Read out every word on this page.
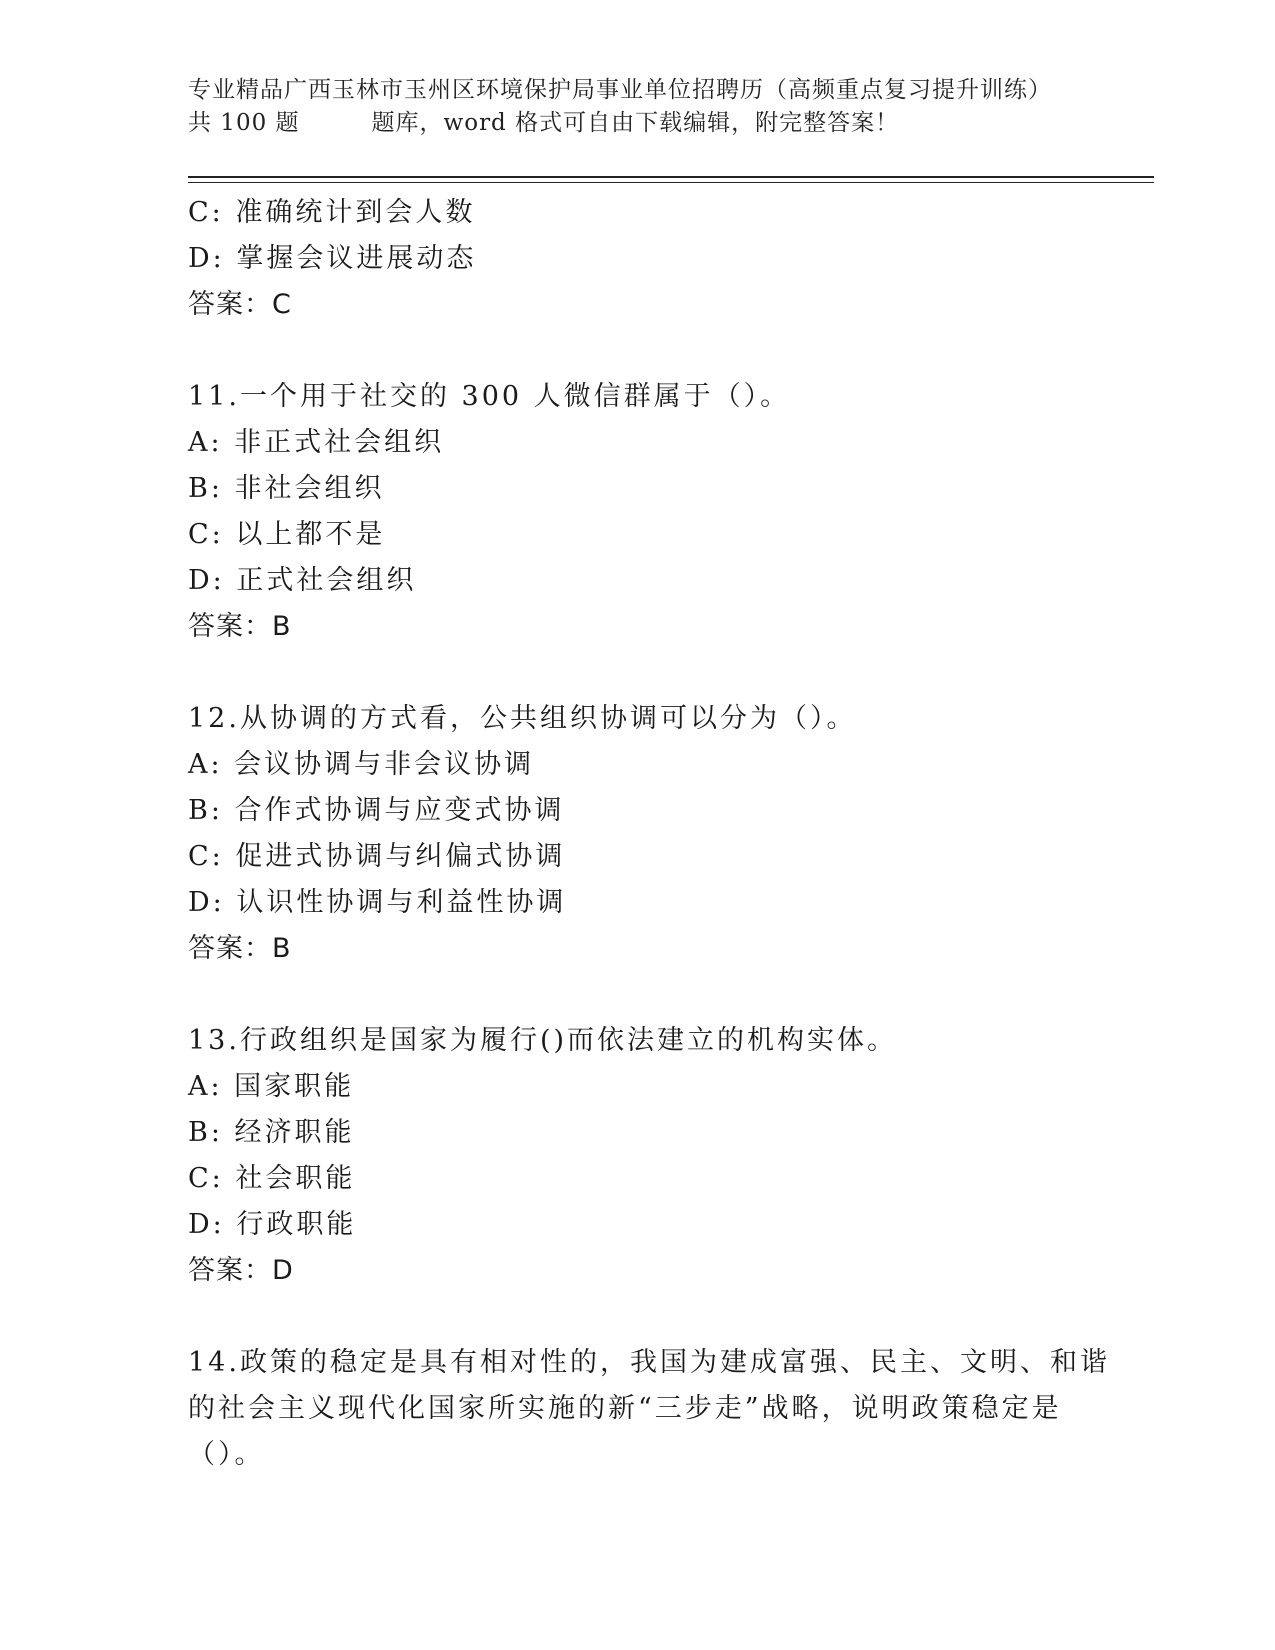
专业精品广西玉林市玉州区环境保护局事业单位招聘历（高频重点复习提升训练）
共 100 题	题库，word 格式可自由下载编辑，附完整答案！
C: 准确统计到会人数
D: 掌握会议进展动态
答案：C
11.一个用于社交的 300 人微信群属于（）。
A: 非正式社会组织
B: 非社会组织
C: 以上都不是
D: 正式社会组织
答案：B
12.从协调的方式看，公共组织协调可以分为（）。
A: 会议协调与非会议协调
B: 合作式协调与应变式协调
C: 促进式协调与纠偏式协调
D: 认识性协调与利益性协调
答案：B
13.行政组织是国家为履行()而依法建立的机构实体。
A: 国家职能
B: 经济职能
C: 社会职能
D: 行政职能
答案：D
14.政策的稳定是具有相对性的，我国为建成富强、民主、文明、和谐
的社会主义现代化国家所实施的新“三步走”战略，说明政策稳定是
（）。
